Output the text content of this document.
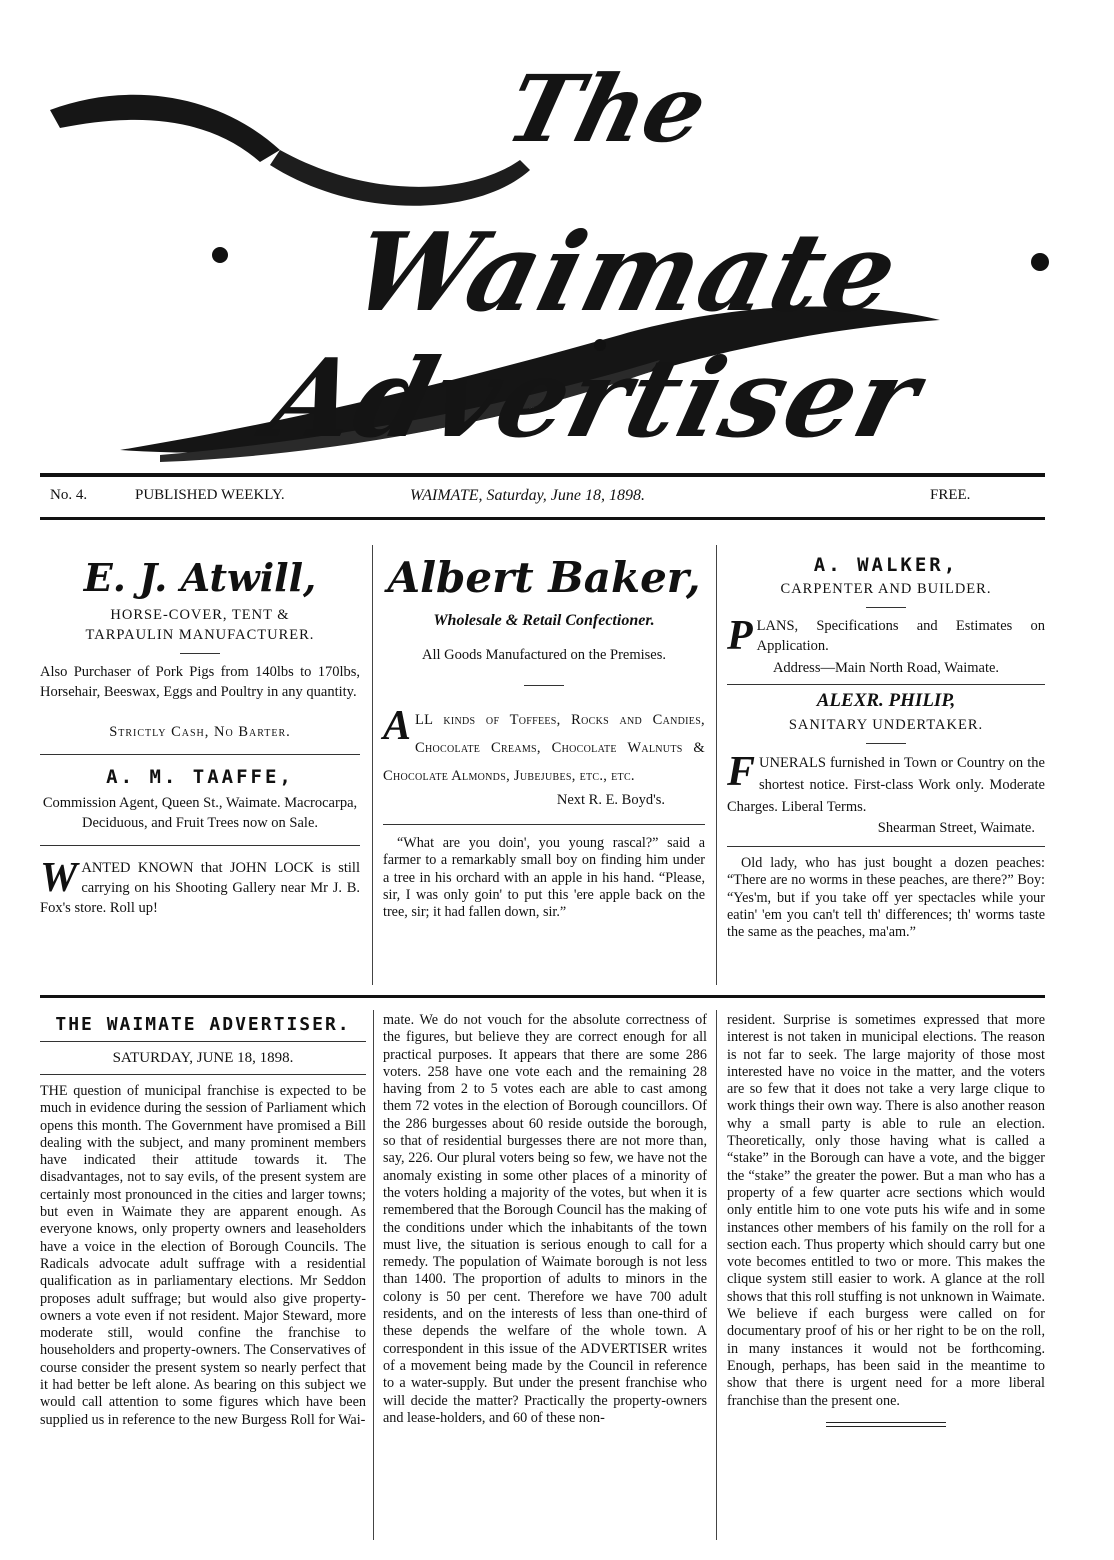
The
Waimate Advertiser
No. 4.	PUBLISHED WEEKLY.	WAIMATE, Saturday, June 18, 1898.	FREE.
E. J. Atwill,
HORSE-COVER, TENT & TARPAULIN MANUFACTURER.

Also Purchaser of Pork Pigs from 140lbs to 170lbs, Horsehair, Beeswax, Eggs and Poultry in any quantity.

Strictly Cash, No Barter.

A. M. TAAFFE,

Commission Agent, Queen St., Waimate. Macrocarpa, Deciduous, and Fruit Trees now on Sale.

W ANTED KNOWN that JOHN LOCK is still carrying on his Shooting Gallery near Mr J. B. Fox's store. Roll up!

Albert Baker,

Wholesale & Retail Confectioner.

All Goods Manufactured on the Premises.

A LL kinds of Toffees, Rocks and Candies, Chocolate Creams, Chocolate Walnuts & Chocolate Almonds, Jubejubes, etc., etc.

Next R. E. Boyd's.

“What are you doin', you young rascal?” said a farmer to a remarkably small boy on finding him under a tree in his orchard with an apple in his hand. “Please, sir, I was only goin' to put this 'ere apple back on the tree, sir; it had fallen down, sir.”

A. WALKER,

CARPENTER AND BUILDER.

P LANS, Specifications and Estimates on Application.

Address—Main North Road, Waimate.

ALEXR. PHILIP,

SANITARY UNDERTAKER.

F UNERALS furnished in Town or Country on the shortest notice. First-class Work only. Moderate Charges. Liberal Terms.

Shearman Street, Waimate.

Old lady, who has just bought a dozen peaches: “There are no worms in these peaches, are there?” Boy: “Yes'm, but if you take off yer spectacles while your eatin' 'em you can't tell th' differences; th' worms taste the same as the peaches, ma'am.”

THE WAIMATE ADVERTISER.

SATURDAY, JUNE 18, 1898.

THE question of municipal franchise is expected to be much in evidence during the session of Parliament which opens this month. The Government have promised a Bill dealing with the subject, and many prominent members have indicated their attitude towards it. The disadvantages, not to say evils, of the present system are certainly most pronounced in the cities and larger towns; but even in Waimate they are apparent enough. As everyone knows, only property owners and leaseholders have a voice in the election of Borough Councils. The Radicals advocate adult suffrage with a residential qualification as in parliamentary elections. Mr Seddon proposes adult suffrage; but would also give property-owners a vote even if not resident. Major Steward, more moderate still, would confine the franchise to householders and property-owners. The Conservatives of course consider the present system so nearly perfect that it had better be left alone. As bearing on this subject we would call attention to some figures which have been supplied us in reference to the new Burgess Roll for Wai-

mate. We do not vouch for the absolute correctness of the figures, but believe they are correct enough for all practical purposes. It appears that there are some 286 voters. 258 have one vote each and the remaining 28 having from 2 to 5 votes each are able to cast among them 72 votes in the election of Borough councillors. Of the 286 burgesses about 60 reside outside the borough, so that of residential burgesses there are not more than, say, 226. Our plural voters being so few, we have not the anomaly existing in some other places of a minority of the voters holding a majority of the votes, but when it is remembered that the Borough Council has the making of the conditions under which the inhabitants of the town must live, the situation is serious enough to call for a remedy. The population of Waimate borough is not less than 1400. The proportion of adults to minors in the colony is 50 per cent. Therefore we have 700 adult residents, and on the interests of less than one-third of these depends the welfare of the whole town. A correspondent in this issue of the ADVERTISER writes of a movement being made by the Council in reference to a water-supply. But under the present franchise who will decide the matter? Practically the property-owners and lease-holders, and 60 of these non-

resident. Surprise is sometimes expressed that more interest is not taken in municipal elections. The reason is not far to seek. The large majority of those most interested have no voice in the matter, and the voters are so few that it does not take a very large clique to work things their own way. There is also another reason why a small party is able to rule an election. Theoretically, only those having what is called a “stake” in the Borough can have a vote, and the bigger the “stake” the greater the power. But a man who has a property of a few quarter acre sections which would only entitle him to one vote puts his wife and in some instances other members of his family on the roll for a section each. Thus property which should carry but one vote becomes entitled to two or more. This makes the clique system still easier to work. A glance at the roll shows that this roll stuffing is not unknown in Waimate. We believe if each burgess were called on for documentary proof of his or her right to be on the roll, in many instances it would not be forthcoming. Enough, perhaps, has been said in the meantime to show that there is urgent need for a more liberal franchise than the present one.
